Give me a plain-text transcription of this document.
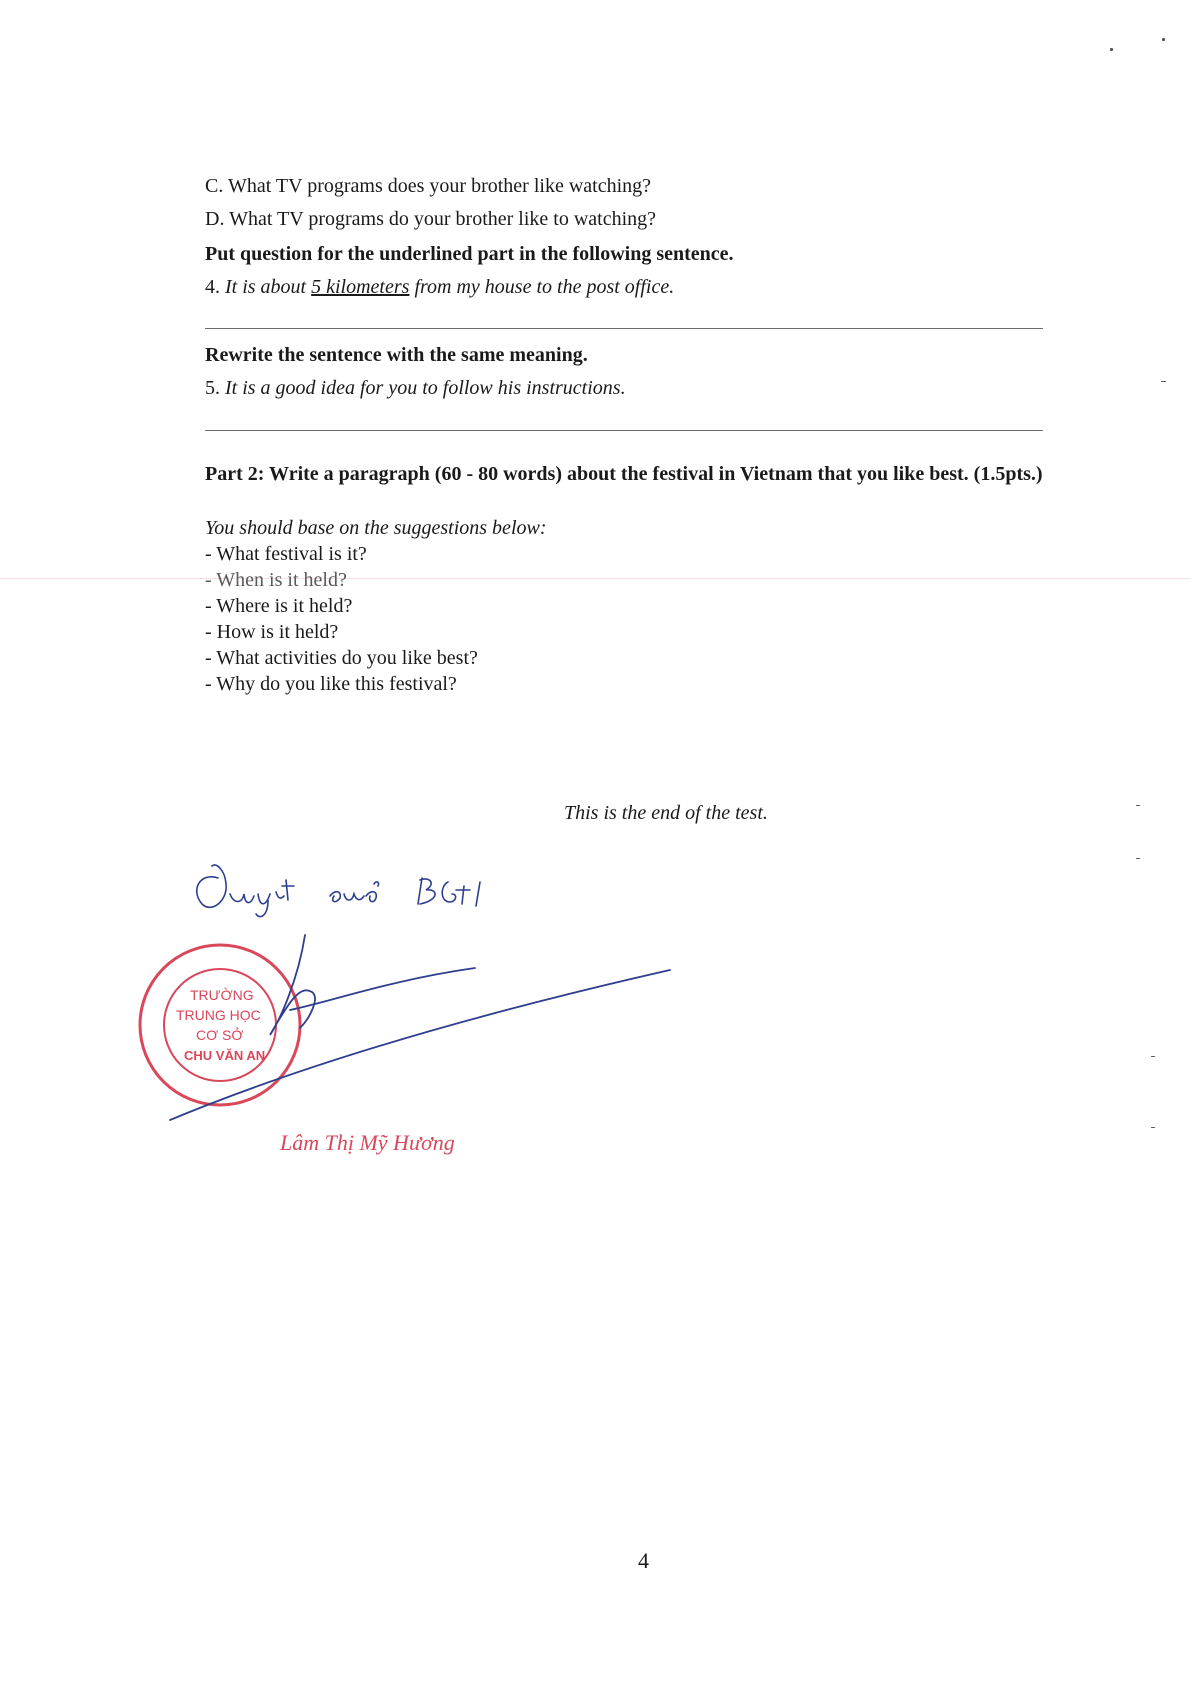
C. What TV programs does your brother like watching?
D. What TV programs do your brother like to watching?
Put question for the underlined part in the following sentence.
4. It is about 5 kilometers from my house to the post office.
Rewrite the sentence with the same meaning.
5. It is a good idea for you to follow his instructions.
Part 2: Write a paragraph (60 - 80 words) about the festival in Vietnam that you like best. (1.5pts.)
You should base on the suggestions below:
- What festival is it?
- When is it held?
- Where is it held?
- How is it held?
- What activities do you like best?
- Why do you like this festival?
This is the end of the test.
TRƯỜNG
TRUNG HỌC
CƠ SỞ
CHU VĂN AN
Lâm Thị Mỹ Hương
4
